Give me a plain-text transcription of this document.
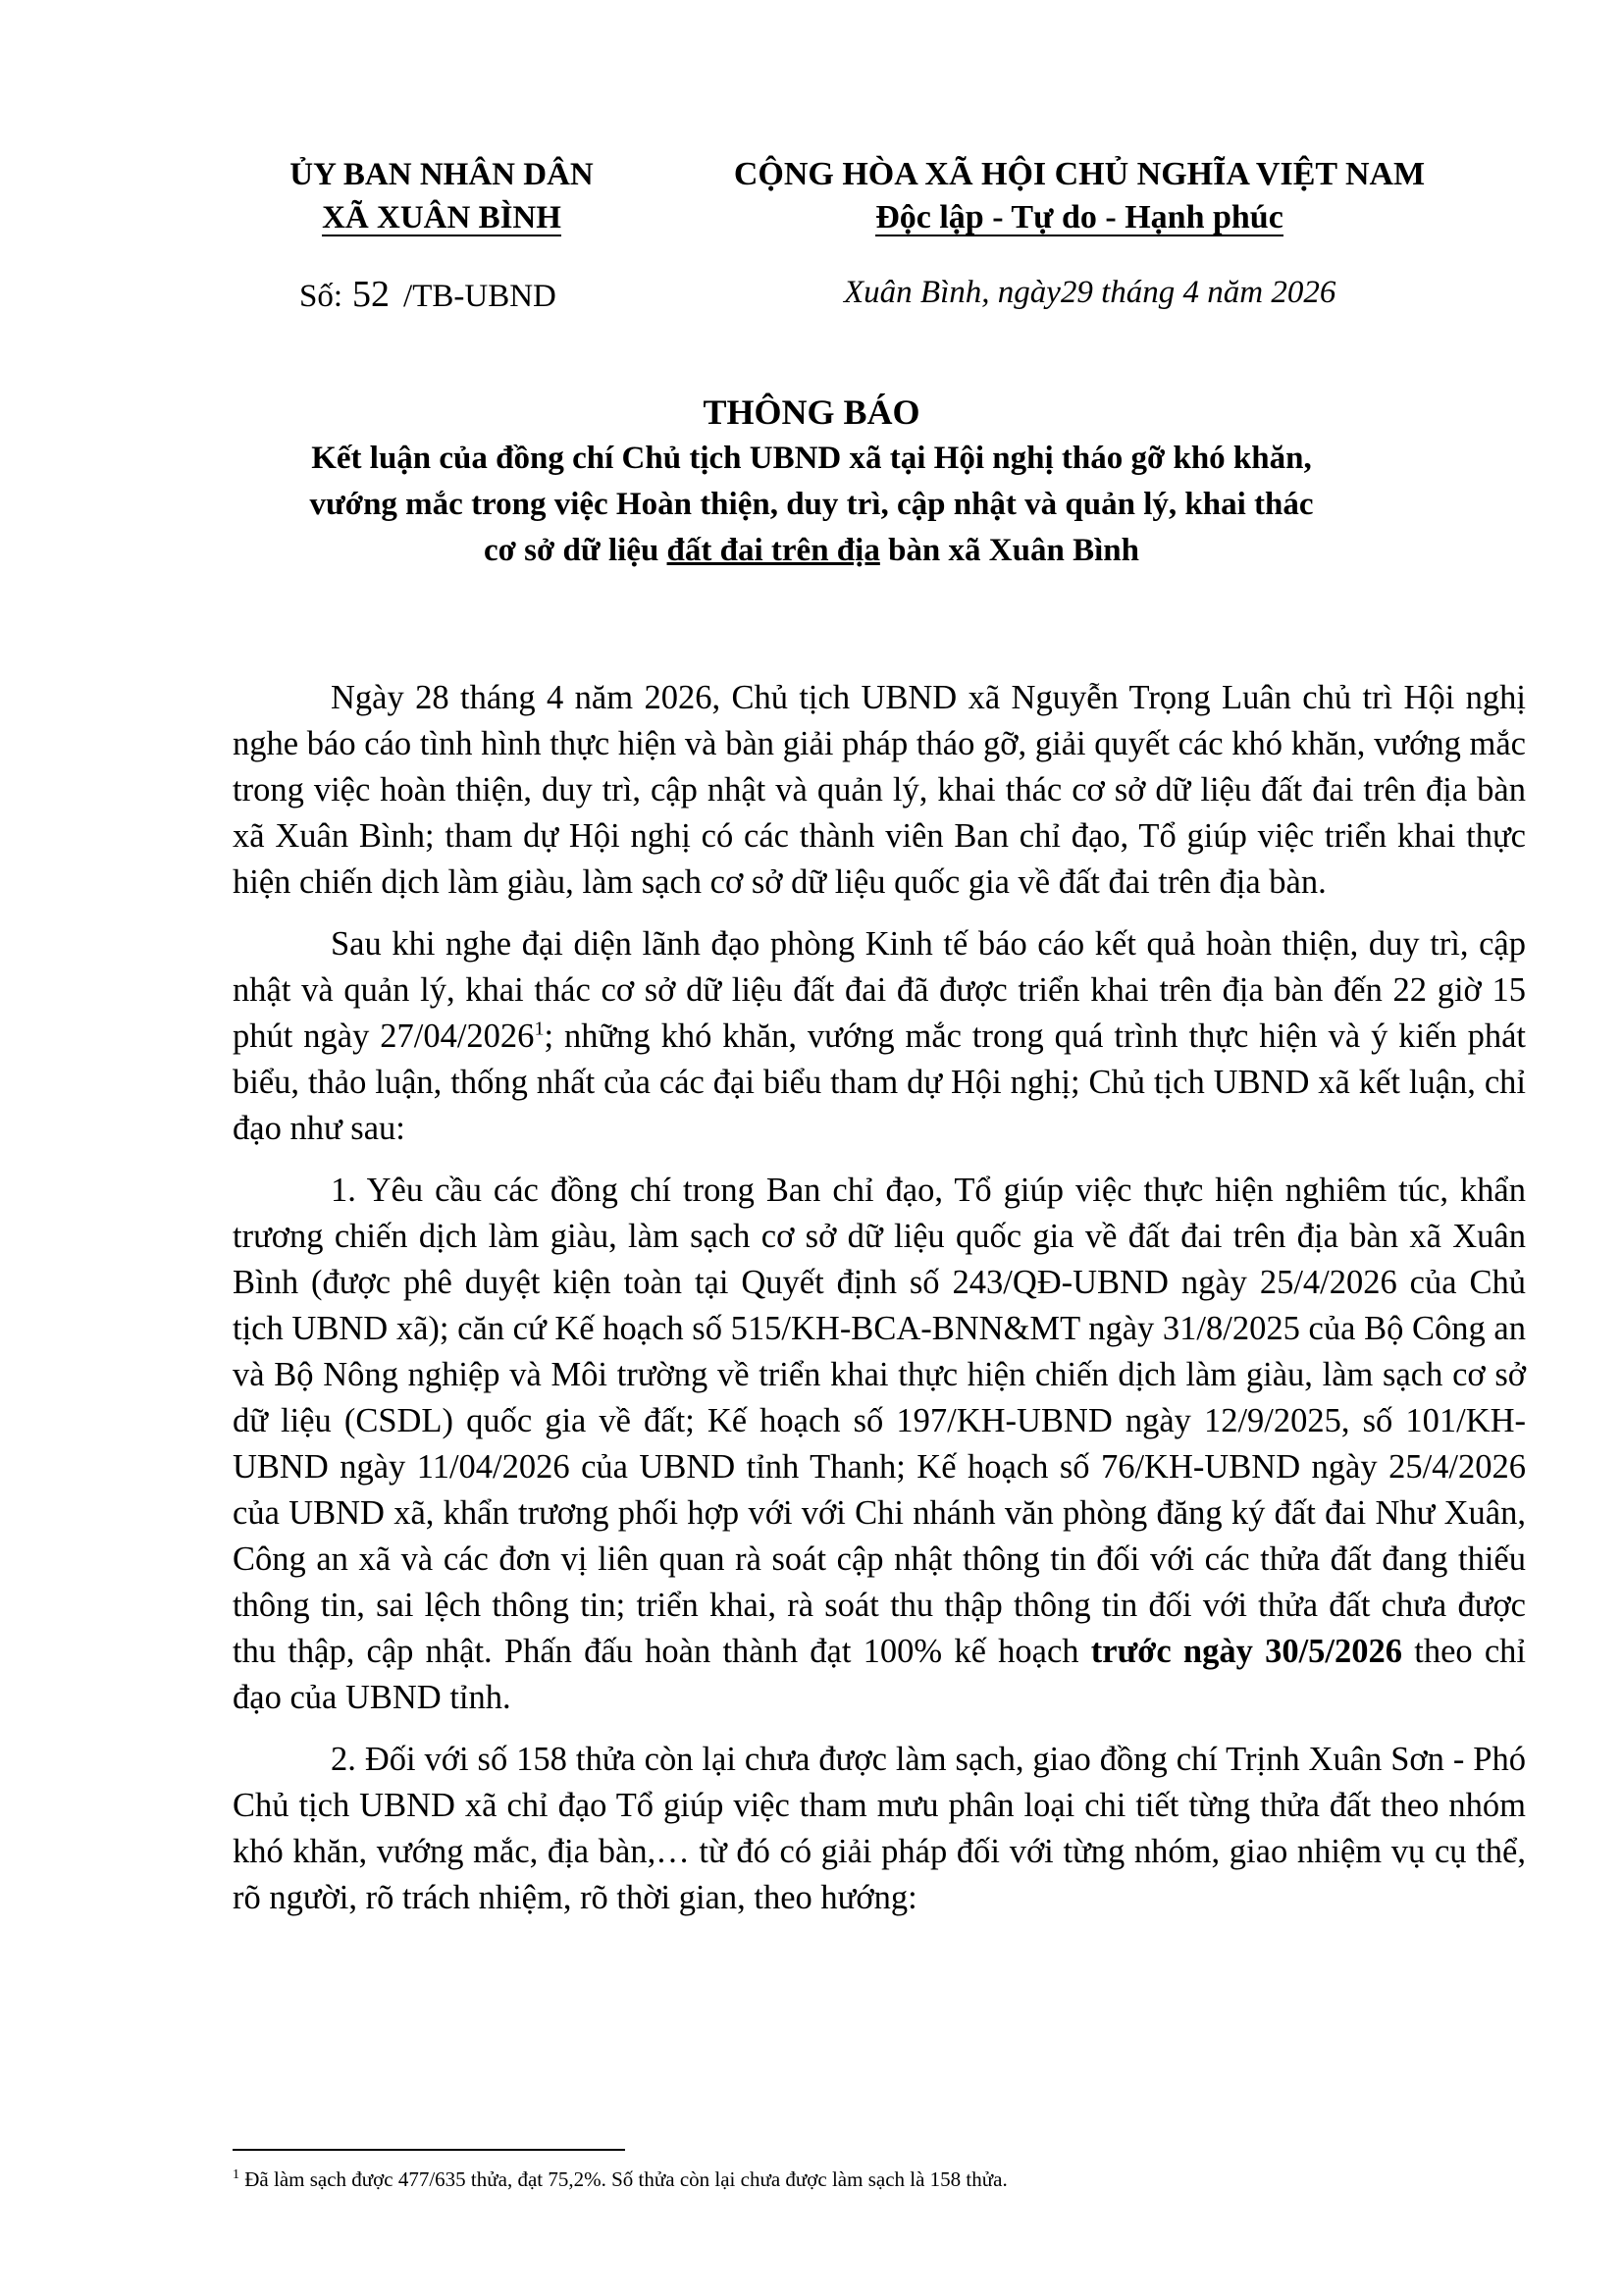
ỦY BAN NHÂN DÂN
XÃ XUÂN BÌNH
CỘNG HÒA XÃ HỘI CHỦ NGHĨA VIỆT NAM
Độc lập - Tự do - Hạnh phúc
Số: 52 /TB-UBND	Xuân Bình, ngày29 tháng 4 năm 2026
THÔNG BÁO
Kết luận của đồng chí Chủ tịch UBND xã tại Hội nghị tháo gỡ khó khăn,
vướng mắc trong việc Hoàn thiện, duy trì, cập nhật và quản lý, khai thác
cơ sở dữ liệu đất đai trên địa bàn xã Xuân Bình

Ngày 28 tháng 4 năm 2026, Chủ tịch UBND xã Nguyễn Trọng Luân chủ trì Hội nghị nghe báo cáo tình hình thực hiện và bàn giải pháp tháo gỡ, giải quyết các khó khăn, vướng mắc trong việc hoàn thiện, duy trì, cập nhật và quản lý, khai thác cơ sở dữ liệu đất đai trên địa bàn xã Xuân Bình; tham dự Hội nghị có các thành viên Ban chỉ đạo, Tổ giúp việc triển khai thực hiện chiến dịch làm giàu, làm sạch cơ sở dữ liệu quốc gia về đất đai trên địa bàn.

Sau khi nghe đại diện lãnh đạo phòng Kinh tế báo cáo kết quả hoàn thiện, duy trì, cập nhật và quản lý, khai thác cơ sở dữ liệu đất đai đã được triển khai trên địa bàn đến 22 giờ 15 phút ngày 27/04/2026$^1$; những khó khăn, vướng mắc trong quá trình thực hiện và ý kiến phát biểu, thảo luận, thống nhất của các đại biểu tham dự Hội nghị; Chủ tịch UBND xã kết luận, chỉ đạo như sau:

1. Yêu cầu các đồng chí trong Ban chỉ đạo, Tổ giúp việc thực hiện nghiêm túc, khẩn trương chiến dịch làm giàu, làm sạch cơ sở dữ liệu quốc gia về đất đai trên địa bàn xã Xuân Bình (được phê duyệt kiện toàn tại Quyết định số 243/QĐ-UBND ngày 25/4/2026 của Chủ tịch UBND xã); căn cứ Kế hoạch số 515/KH-BCA-BNN&MT ngày 31/8/2025 của Bộ Công an và Bộ Nông nghiệp và Môi trường về triển khai thực hiện chiến dịch làm giàu, làm sạch cơ sở dữ liệu (CSDL) quốc gia về đất; Kế hoạch số 197/KH-UBND ngày 12/9/2025, số 101/KH-UBND ngày 11/04/2026 của UBND tỉnh Thanh; Kế hoạch số 76/KH-UBND ngày 25/4/2026 của UBND xã, khẩn trương phối hợp với với Chi nhánh văn phòng đăng ký đất đai Như Xuân, Công an xã và các đơn vị liên quan rà soát cập nhật thông tin đối với các thửa đất đang thiếu thông tin, sai lệch thông tin; triển khai, rà soát thu thập thông tin đối với thửa đất chưa được thu thập, cập nhật. Phấn đấu hoàn thành đạt 100% kế hoạch trước ngày 30/5/2026 theo chỉ đạo của UBND tỉnh.

2. Đối với số 158 thửa còn lại chưa được làm sạch, giao đồng chí Trịnh Xuân Sơn - Phó Chủ tịch UBND xã chỉ đạo Tổ giúp việc tham mưu phân loại chi tiết từng thửa đất theo nhóm khó khăn, vướng mắc, địa bàn,… từ đó có giải pháp đối với từng nhóm, giao nhiệm vụ cụ thể, rõ người, rõ trách nhiệm, rõ thời gian, theo hướng:

$^1$ Đã làm sạch được 477/635 thửa, đạt 75,2%. Số thửa còn lại chưa được làm sạch là 158 thửa.
